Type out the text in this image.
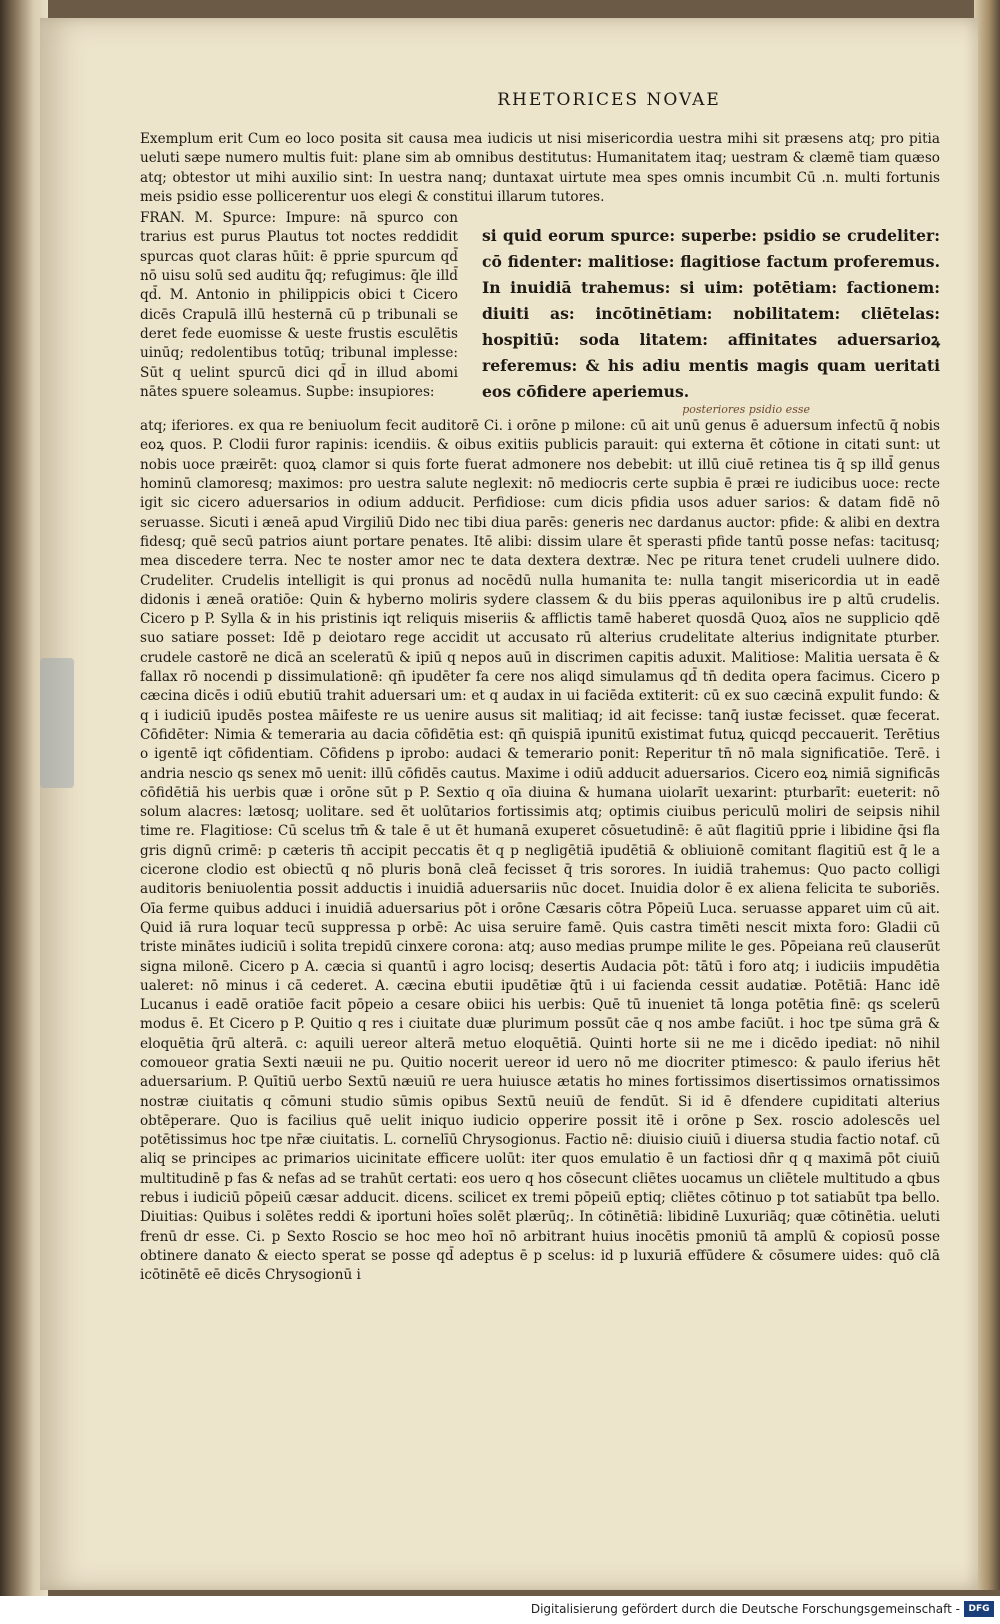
RHETORICES NOVAE

Exemplum erit Cum eo loco posita sit causa mea iudicis ut nisi misericordia uestra mihi sit præsens atq; pro pitia ueluti sæpe numero multis fuit: plane sim ab omnibus destitutus: Humanitatem itaq; uestram & clæmē tiam quæso atq; obtestor ut mihi auxilio sint: In uestra nanq; duntaxat uirtute mea spes omnis incumbit Cū .n. multi fortunis meis psidio esse pollicerentur uos elegi & constitui illarum tutores.

FRAN. M. Spurce: Impure: nā spurco con trarius est purus Plautus tot noctes reddidit spurcas quot claras hūit: ē pprie spurcum qd̄ nō uisu solū sed auditu q̄q; refugimus: q̄le illd̄ qd̄. M. Antonio in philippicis obici t Cicero dicēs Crapulā illū hesternā cū p tribunali se deret fede euomisse & ueste frustis esculētis uinūq; redolentibus totūq; tribunal implesse: Sūt q uelint spurcū dici qd̄ in illud abomi nātes spuere soleamus. Supbe: insupiores:
si quid eorum spurce: superbe: psidio se crudeliter: cō fidenter: malitiose: flagitiose factum proferemus. In inuidiā trahemus: si uim: potētiam: factionem: diuiti as: incōtinētiam: nobilitatem: cliētelas: hospitiū: soda litatem: affinitates aduersarioꝝ referemus: & his adiu mentis magis quam ueritati eos cōfidere aperiemus.
posteriores psidio esse

atq; iferiores. ex qua re beniuolum fecit auditorē Ci. i orōne p milone: cū ait unū genus ē aduersum infectū q̄ nobis eoꝝ quos. P. Clodii furor rapinis: icendiis. & oibus exitiis publicis parauit: qui externa ēt cōtione in citati sunt: ut nobis uoce præirēt: quoꝝ clamor si quis forte fuerat admonere nos debebit: ut illū ciuē retinea tis q̄ sp illd̄ genus hominū clamoresq; maximos: pro uestra salute neglexit: nō mediocris certe supbia ē præi re iudicibus uoce: recte igit sic cicero aduersarios in odium adducit. Perfidiose: cum dicis pfidia usos aduer sarios: & datam fidē nō seruasse. Sicuti i æneā apud Virgiliū Dido nec tibi diua parēs: generis nec dardanus auctor: pfide: & alibi en dextra fidesq; quē secū patrios aiunt portare penates. Itē alibi: dissim ulare ēt sperasti pfide tantū posse nefas: tacitusq; mea discedere terra. Nec te noster amor nec te data dextera dextræ. Nec pe ritura tenet crudeli uulnere dido. Crudeliter. Crudelis intelligit is qui pronus ad nocēdū nulla humanita te: nulla tangit misericordia ut in eadē didonis i æneā oratiōe: Quin & hyberno moliris sydere classem & du biis pperas aquilonibus ire p altū crudelis. Cicero p P. Sylla & in his pristinis iqt reliquis miseriis & afflictis tamē haberet quosdā Quoꝝ aīos ne supplicio qdē suo satiare posset: Idē p deiotaro rege accidit ut accusato rū alterius crudelitate alterius indignitate pturber. crudele castorē ne dicā an sceleratū & ipiū q nepos auū in discrimen capitis aduxit. Malitiose: Malitia uersata ē & fallax rō nocendi p dissimulationē: qn̄ ipudēter fa cere nos aliqd simulamus qd̄ tn̄ dedita opera facimus. Cicero p cæcina dicēs i odiū ebutiū trahit aduersari um: et q audax in ui faciēda extiterit: cū ex suo cæcinā expulit fundo: & q i iudiciū ipudēs postea māifeste re us uenire ausus sit malitiaq; id ait fecisse: tanq̄ iustæ fecisset. quæ fecerat. Cōfidēter: Nimia & temeraria au dacia cōfidētia est: qn̄ quispiā ipunitū existimat futuꝝ quicqd peccauerit. Terētius o igentē iqt cōfidentiam. Cōfidens p iprobo: audaci & temerario ponit: Reperitur tn̄ nō mala significatiōe. Terē. i andria nescio qs senex mō uenit: illū cōfidēs cautus. Maxime i odiū adducit aduersarios. Cicero eoꝝ nimiā significās cōfidētiā his uerbis quæ i orōne sūt p P. Sextio q oīa diuina & humana uiolarīt uexarint: pturbarīt: eueterit: nō solum alacres: lætosq; uolitare. sed ēt uolūtarios fortissimis atq; optimis ciuibus periculū moliri de seipsis nihil time re. Flagitiose: Cū scelus tm̄ & tale ē ut ēt humanā exuperet cōsuetudinē: ē aūt flagitiū pprie i libidine q̄si fla gris dignū crimē: p cæteris tn̄ accipit peccatis ēt q p negligētiā ipudētiā & obliuionē comitant flagitiū est q̄ le a cicerone clodio est obiectū q nō pluris bonā cleā fecisset q̄ tris sorores. In iuidiā trahemus: Quo pacto colligi auditoris beniuolentia possit adductis i inuidiā aduersariis nūc docet. Inuidia dolor ē ex aliena felicita te suboriēs. Oīa ferme quibus adduci i inuidiā aduersarius pōt i orōne Cæsaris cōtra Pōpeiū Luca. seruasse apparet uim cū ait. Quid iā rura loquar tecū suppressa p orbē: Ac uisa seruire famē. Quis castra timēti nescit mixta foro: Gladii cū triste minātes iudiciū i solita trepidū cinxere corona: atq; auso medias prumpe milite le ges. Pōpeiana reū clauserūt signa milonē. Cicero p A. cæcia si quantū i agro locisq; desertis Audacia pōt: tātū i foro atq; i iudiciis impudētia ualeret: nō minus i cā cederet. A. cæcina ebutii ipudētiæ q̄tū i ui facienda cessit audatiæ. Potētiā: Hanc idē Lucanus i eadē oratiōe facit pōpeio a cesare obiici his uerbis: Quē tū inueniet tā longa potētia finē: qs scelerū modus ē. Et Cicero p P. Quitio q res i ciuitate duæ plurimum possūt cāe q nos ambe faciūt. i hoc tpe sūma grā & eloquētia q̄rū alterā. c: aquili uereor alterā metuo eloquētiā. Quinti horte sii ne me i dicēdo ipediat: nō nihil comoueor gratia Sexti næuii ne pu. Quitio nocerit uereor id uero nō me diocriter ptimesco: & paulo iferius hēt aduersarium. P. Quītiū uerbo Sextū næuiū re uera huiusce ætatis ho mines fortissimos disertissimos ornatissimos nostræ ciuitatis q cōmuni studio sūmis opibus Sextū neuiū de fendūt. Si id ē dfendere cupiditati alterius obtēperare. Quo is facilius quē uelit iniquo iudicio opperire possit itē i orōne p Sex. roscio adolescēs uel potētissimus hoc tpe nr̄æ ciuitatis. L. cornelīū Chrysogionus. Factio nē: diuisio ciuiū i diuersa studia factio notaf. cū aliq se principes ac primarios uicinitate efficere uolūt: iter quos emulatio ē un factiosi dn̄r q q maximā pōt ciuiū multitudinē p fas & nefas ad se trahūt certati: eos uero q hos cōsecunt cliētes uocamus un cliētele multitudo a qbus rebus i iudiciū pōpeiū cæsar adducit. dicens. scilicet ex tremi pōpeiū eptiq; cliētes cōtinuo p tot satiabūt tpa bello. Diuitias: Quibus i solētes reddi & iportuni hoīes solēt plærūq;. In cōtinētiā: libidinē Luxuriāq; quæ cōtinētia. ueluti frenū dr esse. Ci. p Sexto Roscio se hoc meo hoī nō arbitrant huius inocētis pmoniū tā amplū & copiosū posse obtinere danato & eiecto sperat se posse qd̄ adeptus ē p scelus: id p luxuriā effūdere & cōsumere uides: quō clā icōtinētē eē dicēs Chrysogionū i

Digitalisierung gefördert durch die Deutsche Forschungsgemeinschaft - DFG
